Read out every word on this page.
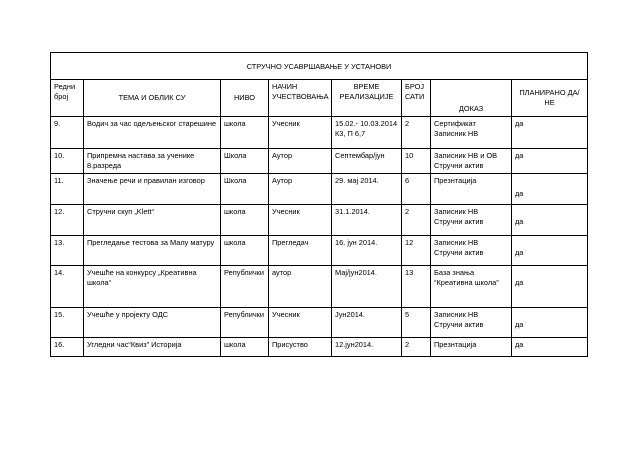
СТРУЧНО УСАВРШАВАЊЕ У УСТАНОВИ							
Редни број	ТЕМА И ОБЛИК СУ	НИВО	НАЧИН УЧЕСТВОВАЊА	ВРЕМЕ РЕАЛИЗАЦИЈЕ	БРОЈ САТИ	ДОКАЗ	ПЛАНИРАНО ДА/НЕ
9.	Водич за час одељењског старешине	школа	Учесник	15.02.- 10.03.2014 К3, П 6,7	2	Сертификат Записник НВ	да
10.	Припремна настава за ученике 8.разреда	Школа	Аутор	Септембар/јун	10	Записник НВ и ОВ Стручни актив	да
11.	Значење речи и правилан изговор	Школа	Аутор	29. мај 2014.	6	Презнтација	да

12.	Стручни скуп „Klett“	школа	Учесник	31.1.2014.	2	Записник НВ Стручни актив	да

13.	Прегледање тестова за Малу матуру	школа	Прегледач	16. јун 2014.	12	Записник НВ Стручни актив	да

14.	Учешће на конкурсу „Креативна школа“	Републички	аутор	Мај/јун2014.	13	База знања “Креативна школа”	да

15.	Учешће у пројекту ОДС	Републички	Учесник	Јун2014.	5	Записник НВ Стручни актив	да

16.	Угледни час“Квиз” Историја	школа	Присуство	12.јун2014.	2	Презнтација	да
